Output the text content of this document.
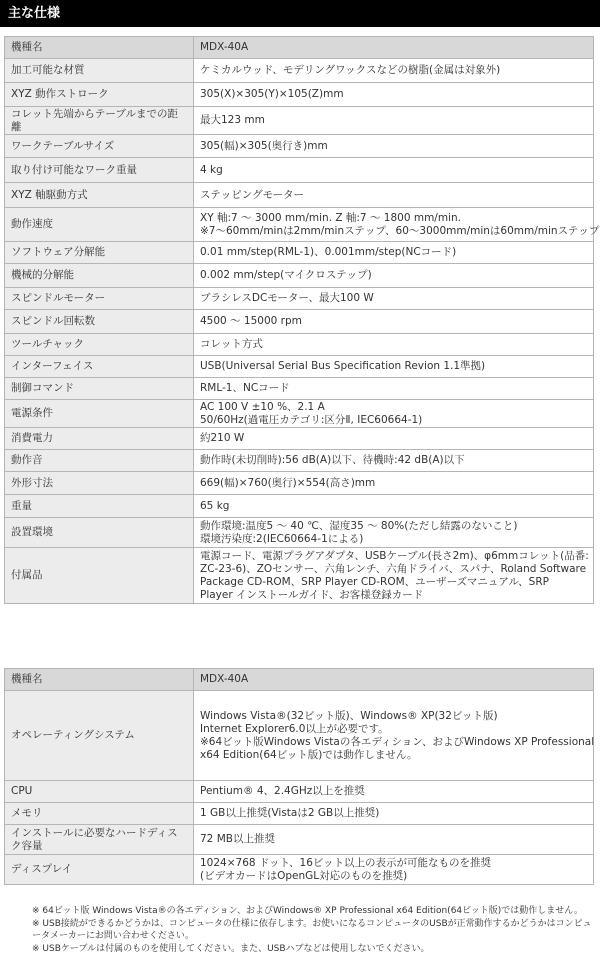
主な仕様
機種名	MDX-40A

加工可能な材質	ケミカルウッド、モデリングワックスなどの樹脂(金属は対象外)

XYZ 動作ストローク	305(X)×305(Y)×105(Z)mm

コレット先端からテーブルまでの距離	最大123 mm

ワークテーブルサイズ	305(幅)×305(奥行き)mm

取り付け可能なワーク重量	4 kg

XYZ 軸駆動方式	ステッピングモーター

動作速度	XY 軸:7 ～ 3000 mm/min. Z 軸:7 ～ 1800 mm/min.
※7～60mm/minは2mm/minステップ、60～3000mm/minは60mm/minステップ

ソフトウェア分解能	0.01 mm/step(RML-1)、0.001mm/step(NCコード)

機械的分解能	0.002 mm/step(マイクロステップ)

スピンドルモーター	ブラシレスDCモーター、最大100 W

スピンドル回転数	4500 ～ 15000 rpm

ツールチャック	コレット方式

インターフェイス	USB(Universal Serial Bus Specification Revion 1.1準拠)

制御コマンド	RML-1、NCコード

電源条件	AC 100 V ±10 %、2.1 A
50/60Hz(過電圧カテゴリ:区分Ⅱ, IEC60664-1)

消費電力	約210 W

動作音	動作時(未切削時):56 dB(A)以下、待機時:42 dB(A)以下

外形寸法	669(幅)×760(奥行)×554(高さ)mm

重量	65 kg

設置環境	動作環境:温度5 ～ 40 ℃、湿度35 ～ 80%(ただし結露のないこと)
環境汚染度:2(IEC60664-1による)

付属品	電源コード、電源プラグアダプタ、USBケーブル(長さ2m)、φ6mmコレット(品番:
ZC-23-6)、ZOセンサー、六角レンチ、六角ドライバ、スパナ、Roland Software
Package CD-ROM、SRP Player CD-ROM、ユーザーズマニュアル、SRP
Player インストールガイド、お客様登録カード
機種名	MDX-40A

オペレーティングシステム	Windows Vista®(32ビット版)、Windows® XP(32ビット版)
Internet Explorer6.0以上が必要です。
※64ビット版Windows Vistaの各エディション、およびWindows XP Professional
x64 Edition(64ビット版)では動作しません。

CPU	Pentium® 4、2.4GHz以上を推奨

メモリ	1 GB以上推奨(Vistaは2 GB以上推奨)

インストールに必要なハードディスク容量	72 MB以上推奨

ディスプレイ	1024×768 ドット、16ビット以上の表示が可能なものを推奨
(ビデオカードはOpenGL対応のものを推奨)
※ 64ビット版 Windows Vista®の各エディション、およびWindows® XP Professional x64 Edition(64ビット版)では動作しません。
※ USB接続ができるかどうかは、コンピュータの仕様に依存します。お使いになるコンピュータのUSBが正常動作するかどうかはコンピュータメーカーにお問い合わせください。
※ USBケーブルは付属のものを使用してください。また、USBハブなどは使用しないでください。
